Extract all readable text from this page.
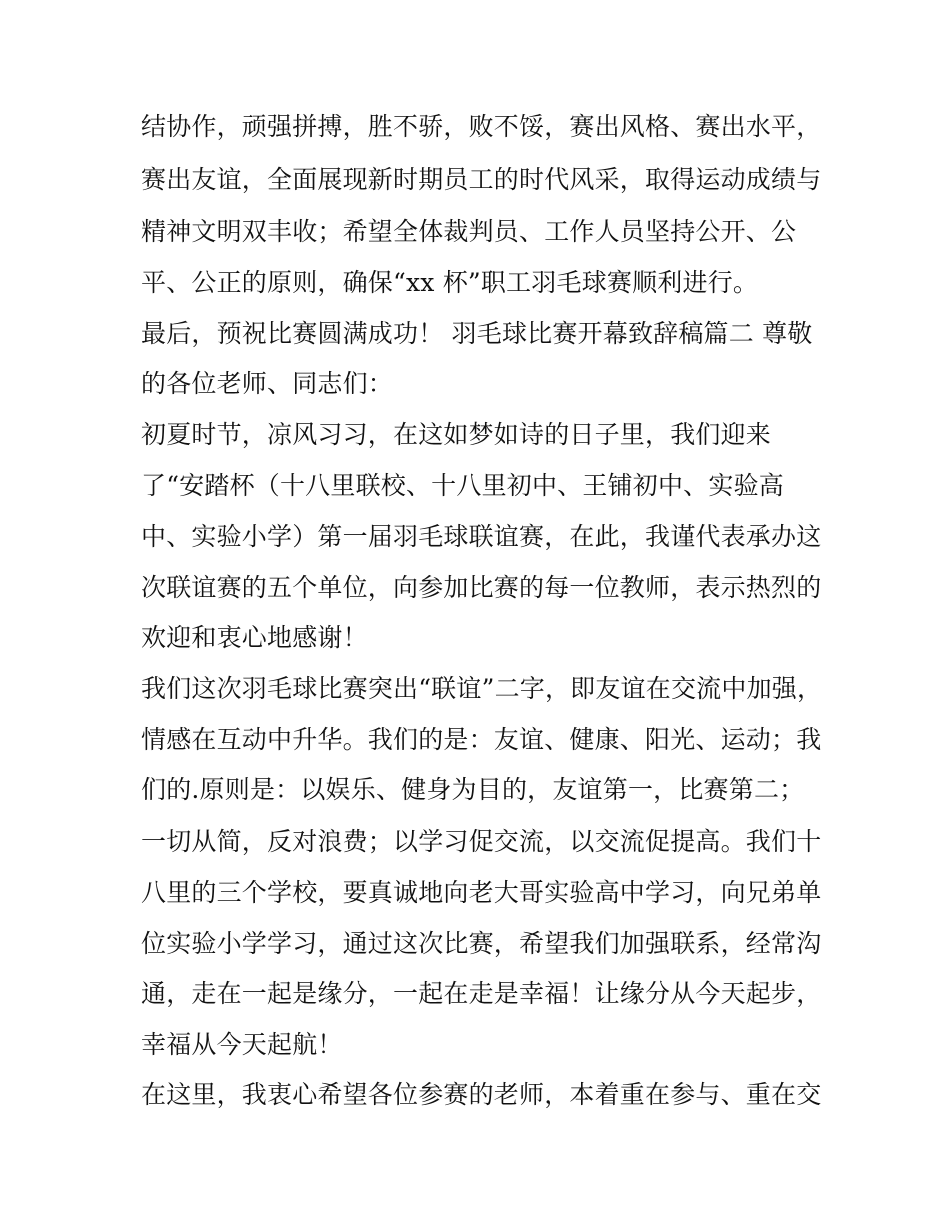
结协作，顽强拼搏，胜不骄，败不馁，赛出风格、赛出水平，
赛出友谊，全面展现新时期员工的时代风采，取得运动成绩与
精神文明双丰收；希望全体裁判员、工作人员坚持公开、公
平、公正的原则，确保“xx 杯”职工羽毛球赛顺利进行。
最后，预祝比赛圆满成功！ 羽毛球比赛开幕致辞稿篇二 尊敬
的各位老师、同志们：
初夏时节，凉风习习，在这如梦如诗的日子里，我们迎来
了“安踏杯（十八里联校、十八里初中、王铺初中、实验高
中、实验小学）第一届羽毛球联谊赛，在此，我谨代表承办这
次联谊赛的五个单位，向参加比赛的每一位教师，表示热烈的
欢迎和衷心地感谢！
我们这次羽毛球比赛突出“联谊”二字，即友谊在交流中加强，
情感在互动中升华。我们的是：友谊、健康、阳光、运动；我
们的.原则是：以娱乐、健身为目的，友谊第一，比赛第二；
一切从简，反对浪费；以学习促交流，以交流促提高。我们十
八里的三个学校，要真诚地向老大哥实验高中学习，向兄弟单
位实验小学学习，通过这次比赛，希望我们加强联系，经常沟
通，走在一起是缘分，一起在走是幸福！让缘分从今天起步，
幸福从今天起航！
在这里，我衷心希望各位参赛的老师，本着重在参与、重在交
